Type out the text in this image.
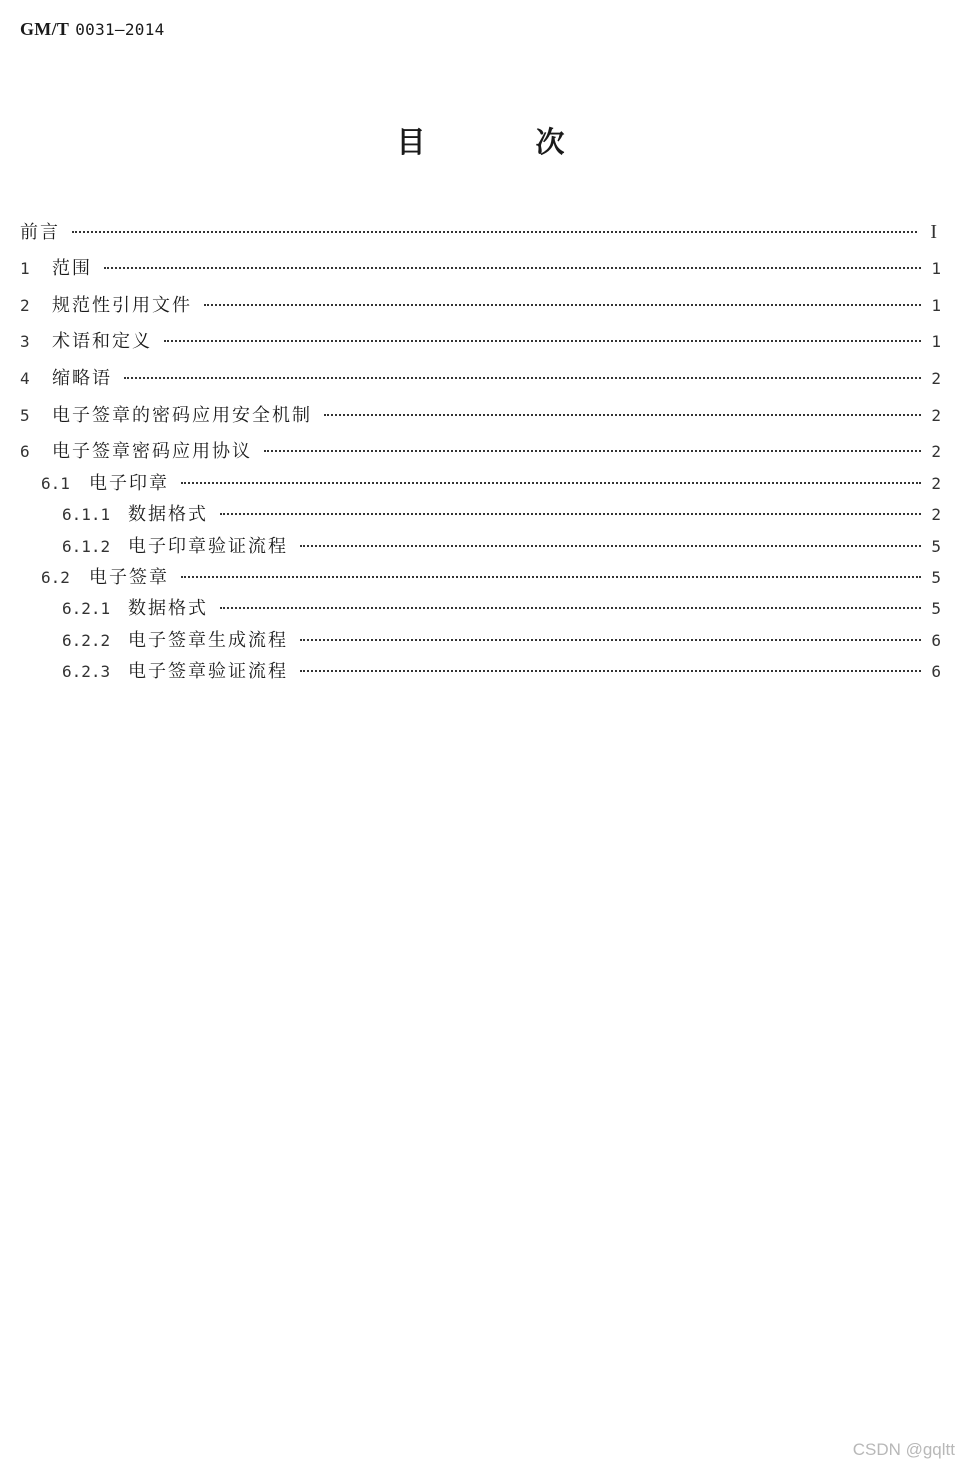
GM/T 0031—2014
目 次
前言	I
1	范围	1
2	规范性引用文件	1
3	术语和定义	1
4	缩略语	2
5	电子签章的密码应用安全机制	2
6	电子签章密码应用协议	2
6.1	电子印章	2
6.1.1 数据格式	2
6.1.2 电子印章验证流程	5
6.2	电子签章	5
6.2.1 数据格式	5
6.2.2 电子签章生成流程	6
6.2.3 电子签章验证流程	6
CSDN @gqltt
